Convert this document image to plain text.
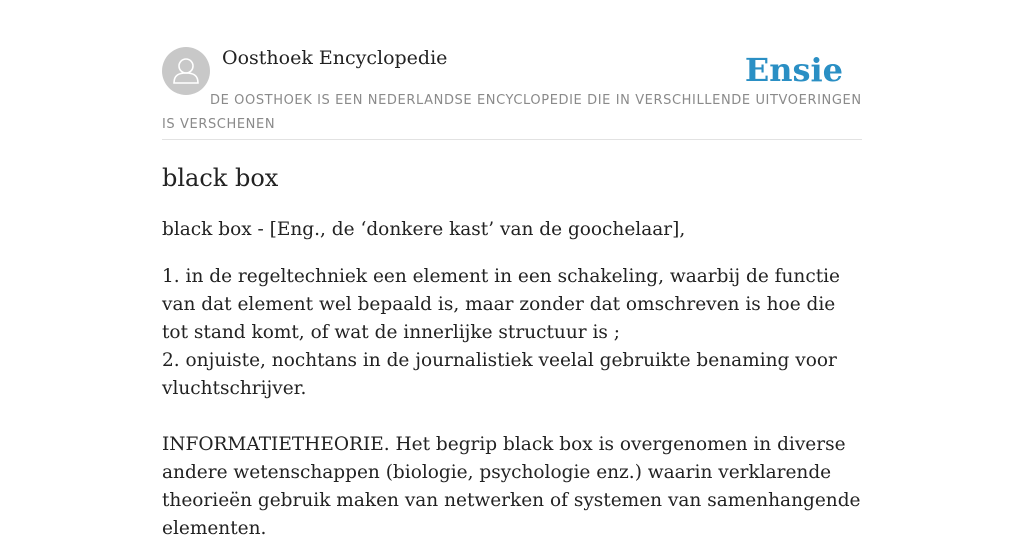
Oosthoek Encyclopedie	Ensie
DE OOSTHOEK IS EEN NEDERLANDSE ENCYCLOPEDIE DIE IN VERSCHILLENDE UITVOERINGEN IS VERSCHENEN
black box

black box - [Eng., de ‘donkere kast’ van de goochelaar],

1. in de regeltechniek een element in een schakeling, waarbij de functie van dat element wel bepaald is, maar zonder dat omschreven is hoe die tot stand komt, of wat de innerlijke structuur is ;

2. onjuiste, nochtans in de journalistiek veelal gebruikte benaming voor vluchtschrijver.

INFORMATIETHEORIE. Het begrip black box is overgenomen in diverse andere wetenschappen (biologie, psychologie enz.) waarin verklarende theorieën gebruik maken van netwerken of systemen van samenhangende elementen.
